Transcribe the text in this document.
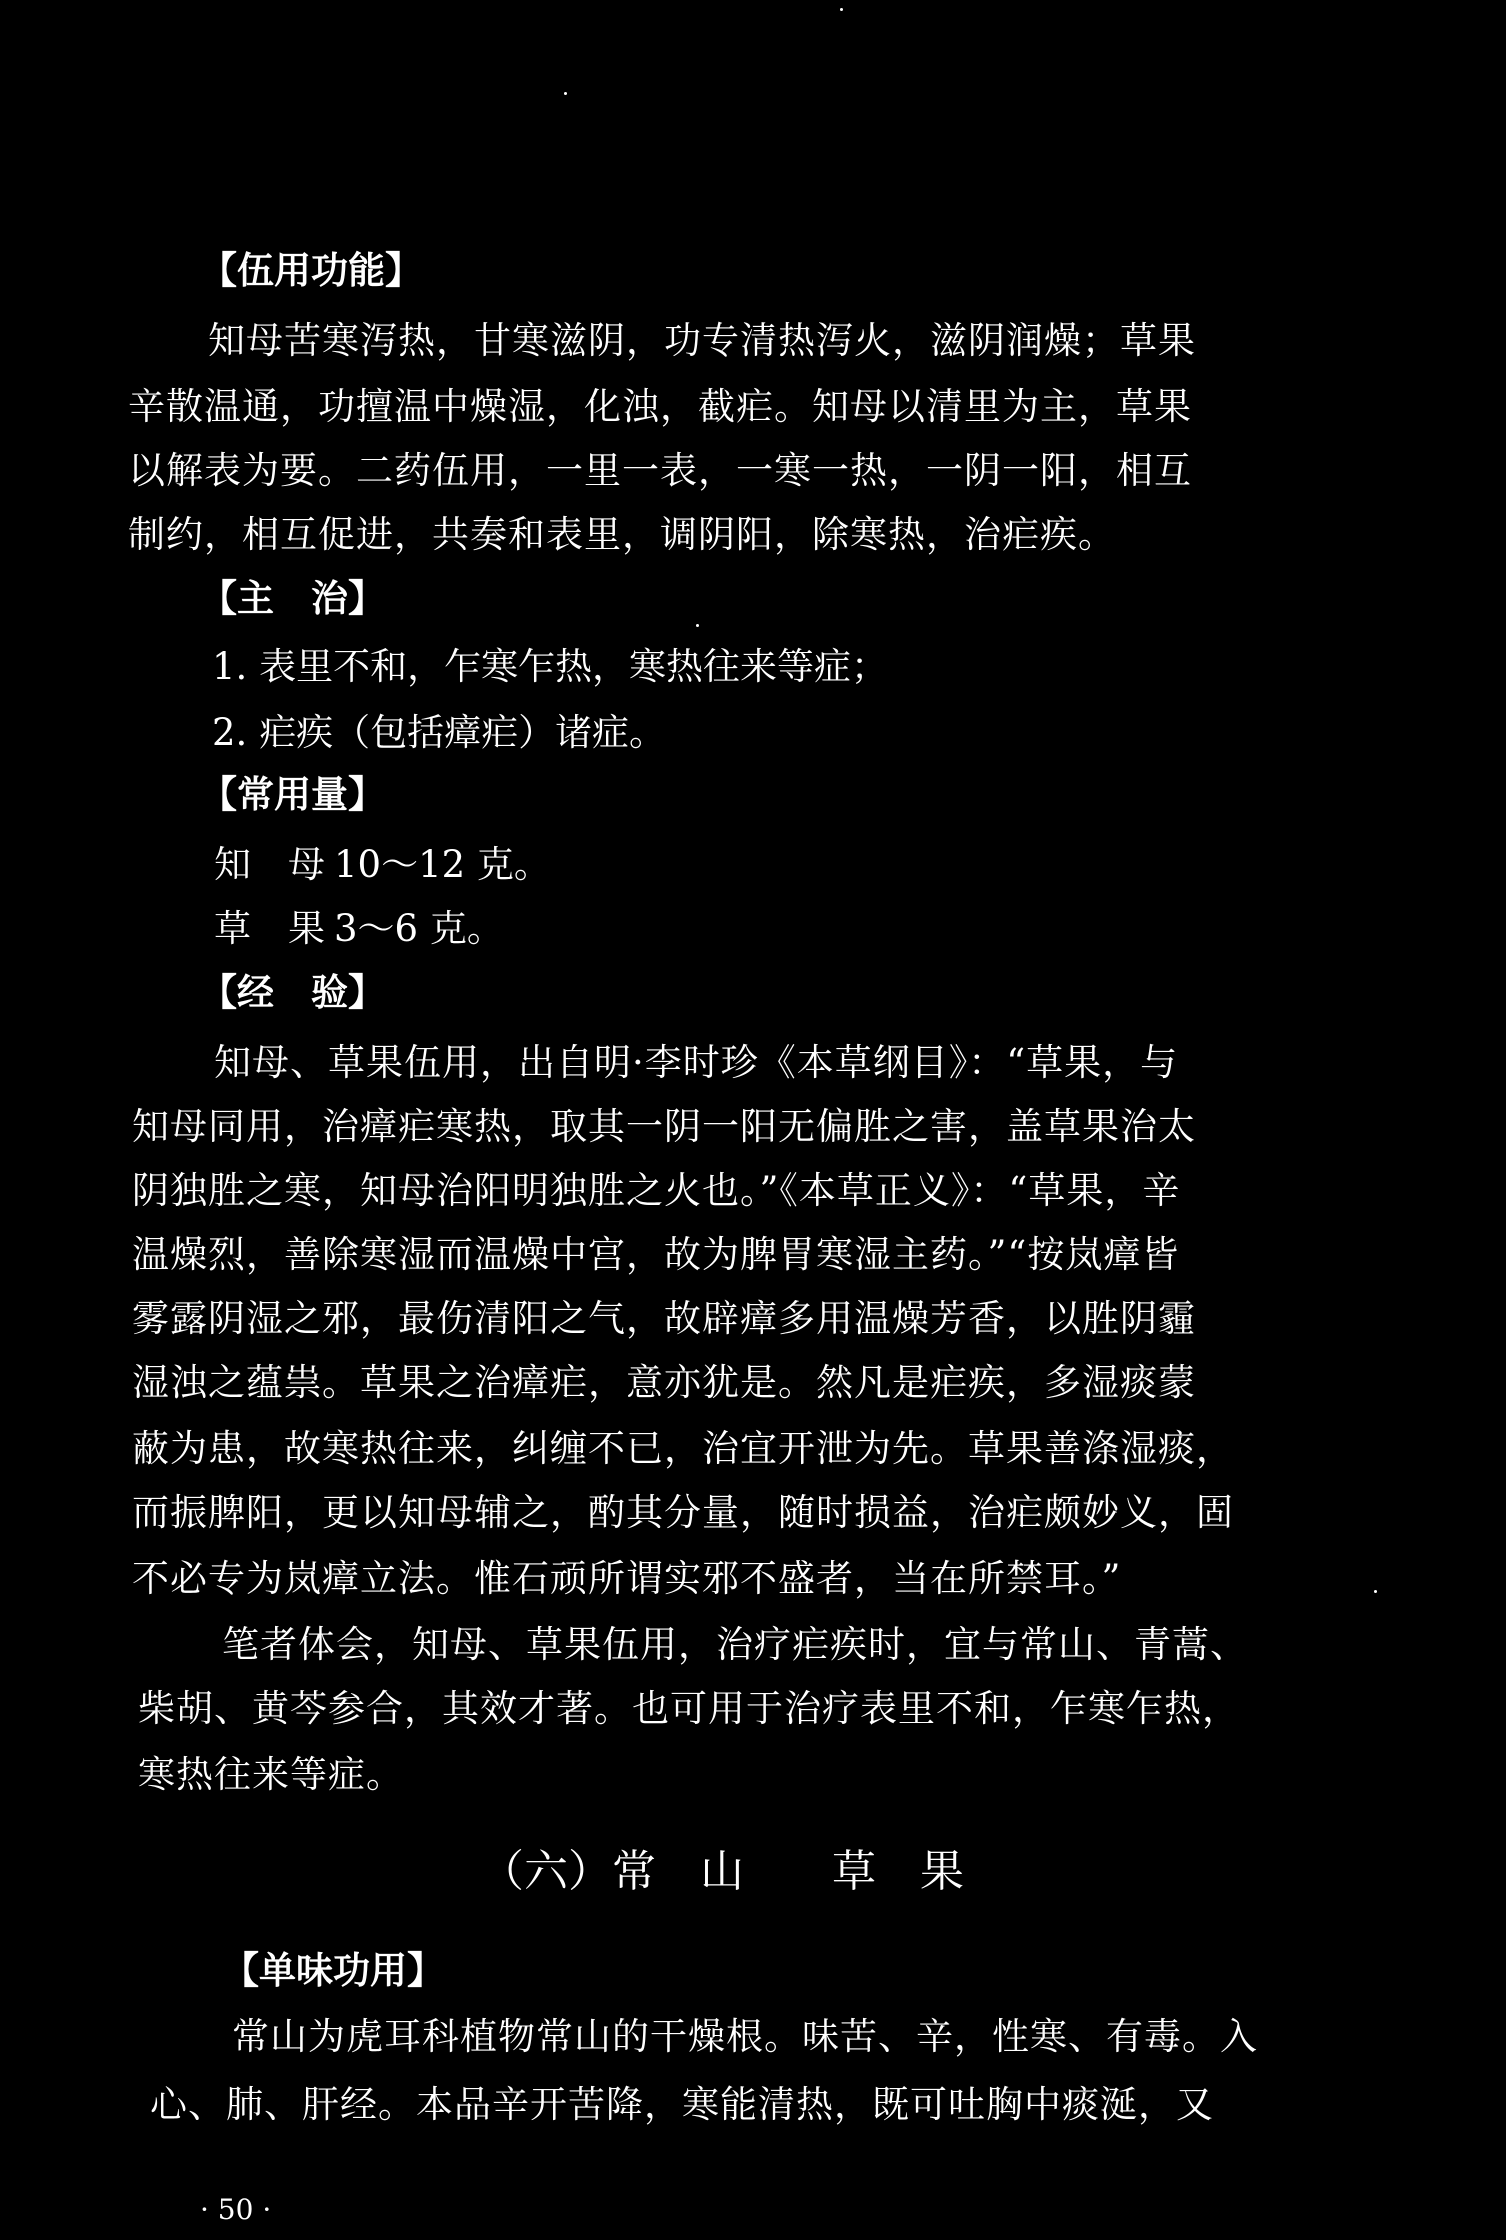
【伍用功能】
知母苦寒泻热，甘寒滋阴，功专清热泻火，滋阴润燥；草果
辛散温通，功擅温中燥湿，化浊，截疟。知母以清里为主，草果
以解表为要。二药伍用，一里一表，一寒一热，一阴一阳，相互
制约，相互促进，共奏和表里，调阴阳，除寒热，治疟疾。
【主　治】
1. 表里不和，乍寒乍热，寒热往来等症；
2. 疟疾（包括瘴疟）诸症。
【常用量】
知　母 10～12 克。
草　果 3～6 克。
【经　验】
知母、草果伍用，出自明·李时珍《本草纲目》：“草果，与
知母同用，治瘴疟寒热，取其一阴一阳无偏胜之害，盖草果治太
阴独胜之寒，知母治阳明独胜之火也。”《本草正义》：“草果，辛
温燥烈，善除寒湿而温燥中宫，故为脾胃寒湿主药。”“按岚瘴皆
雾露阴湿之邪，最伤清阳之气，故辟瘴多用温燥芳香，以胜阴霾
湿浊之蕴祟。草果之治瘴疟，意亦犹是。然凡是疟疾，多湿痰蒙
蔽为患，故寒热往来，纠缠不已，治宜开泄为先。草果善涤湿痰，
而振脾阳，更以知母辅之，酌其分量，随时损益，治疟颇妙义，固
不必专为岚瘴立法。惟石顽所谓实邪不盛者，当在所禁耳。”
笔者体会，知母、草果伍用，治疗疟疾时，宜与常山、青蒿、
柴胡、黄芩参合，其效才著。也可用于治疗表里不和，乍寒乍热，
寒热往来等症。
（六）常　山　　草　果
【单味功用】
常山为虎耳科植物常山的干燥根。味苦、辛，性寒、有毒。入
心、肺、肝经。本品辛开苦降，寒能清热，既可吐胸中痰涎，又
· 50 ·
